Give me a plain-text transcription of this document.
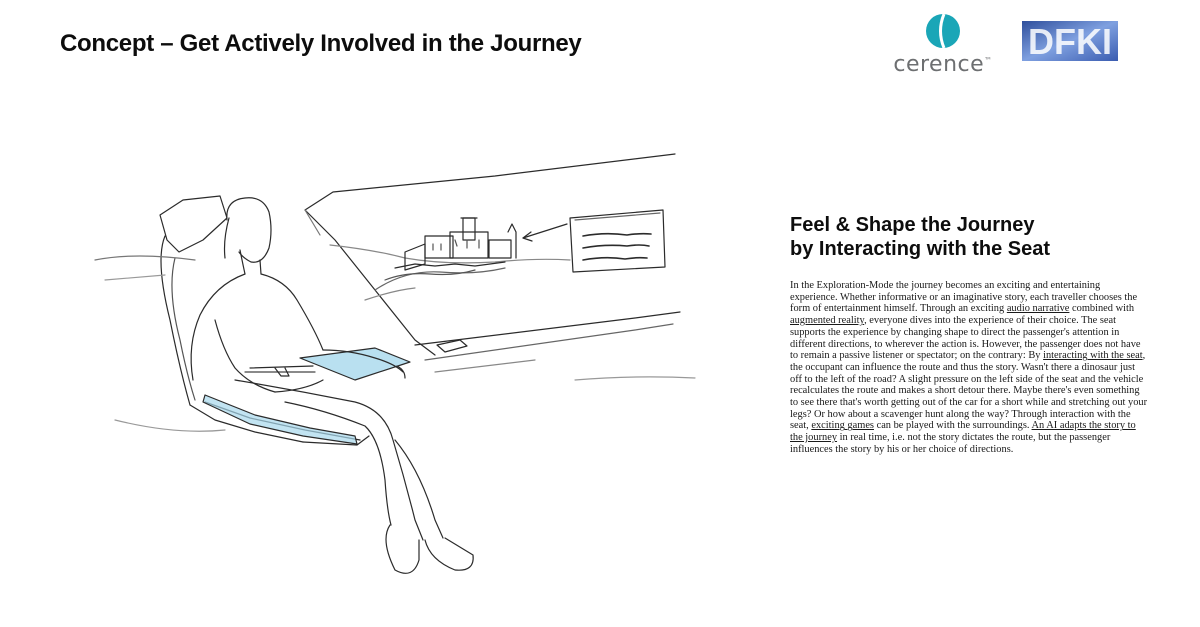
Concept – Get Actively Involved in the Journey
cerence™ DFKI
Feel & Shape the Journey
by Interacting with the Seat

In the Exploration-Mode the journey becomes an exciting and entertaining experience. Whether informative or an imaginative story, each traveller chooses the form of entertainment himself. Through an exciting audio narrative combined with augmented reality, everyone dives into the experience of their choice. The seat supports the experience by changing shape to direct the passenger's attention in different directions, to wherever the action is. However, the passenger does not have to remain a passive listener or spectator; on the contrary: By interacting with the seat, the occupant can influence the route and thus the story. Wasn't there a dinosaur just off to the left of the road? A slight pressure on the left side of the seat and the vehicle recalculates the route and makes a short detour there. Maybe there's even something to see there that's worth getting out of the car for a short while and stretching out your legs? Or how about a scavenger hunt along the way? Through interaction with the seat, exciting games can be played with the surroundings. An AI adapts the story to the journey in real time, i.e. not the story dictates the route, but the passenger influences the story by his or her choice of directions.
